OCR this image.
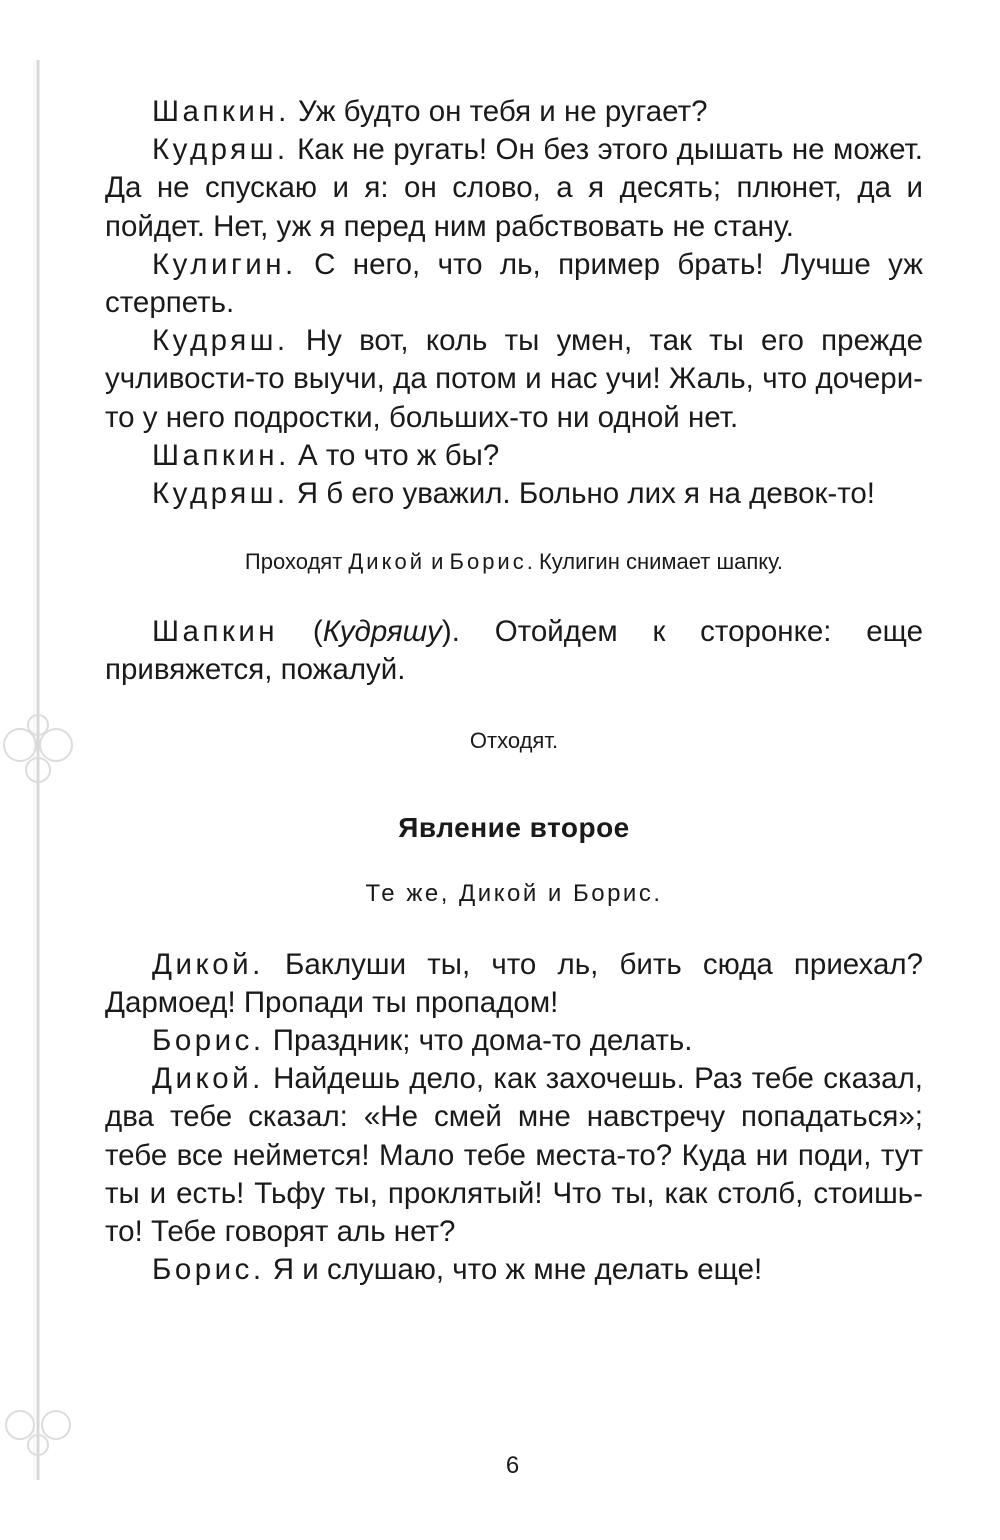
Шапкин. Уж будто он тебя и не ругает?

Кудряш. Как не ругать! Он без этого дышать не может. Да не спускаю и я: он слово, а я десять; плюнет, да и пойдет. Нет, уж я перед ним рабствовать не стану.

Кулигин. С него, что ль, пример брать! Лучше уж стерпеть.

Кудряш. Ну вот, коль ты умен, так ты его прежде учливости-то выучи, да потом и нас учи! Жаль, что дочери-то у него подростки, больших-то ни одной нет.

Шапкин. А то что ж бы?

Кудряш. Я б его уважил. Больно лих я на девок-то!

Проходят Дикой и Борис. Кулигин снимает шапку.

Шапкин (Кудряшу). Отойдем к сторонке: еще привяжется, пожалуй.

Отходят.

Явление второе

Те же, Дикой и Борис.

Дикой. Баклуши ты, что ль, бить сюда приехал? Дармоед! Пропади ты пропадом!

Борис. Праздник; что дома-то делать.

Дикой. Найдешь дело, как захочешь. Раз тебе сказал, два тебе сказал: «Не смей мне навстречу попадаться»; тебе все неймется! Мало тебе места-то? Куда ни поди, тут ты и есть! Тьфу ты, проклятый! Что ты, как столб, стоишь-то! Тебе говорят аль нет?

Борис. Я и слушаю, что ж мне делать еще!

6
